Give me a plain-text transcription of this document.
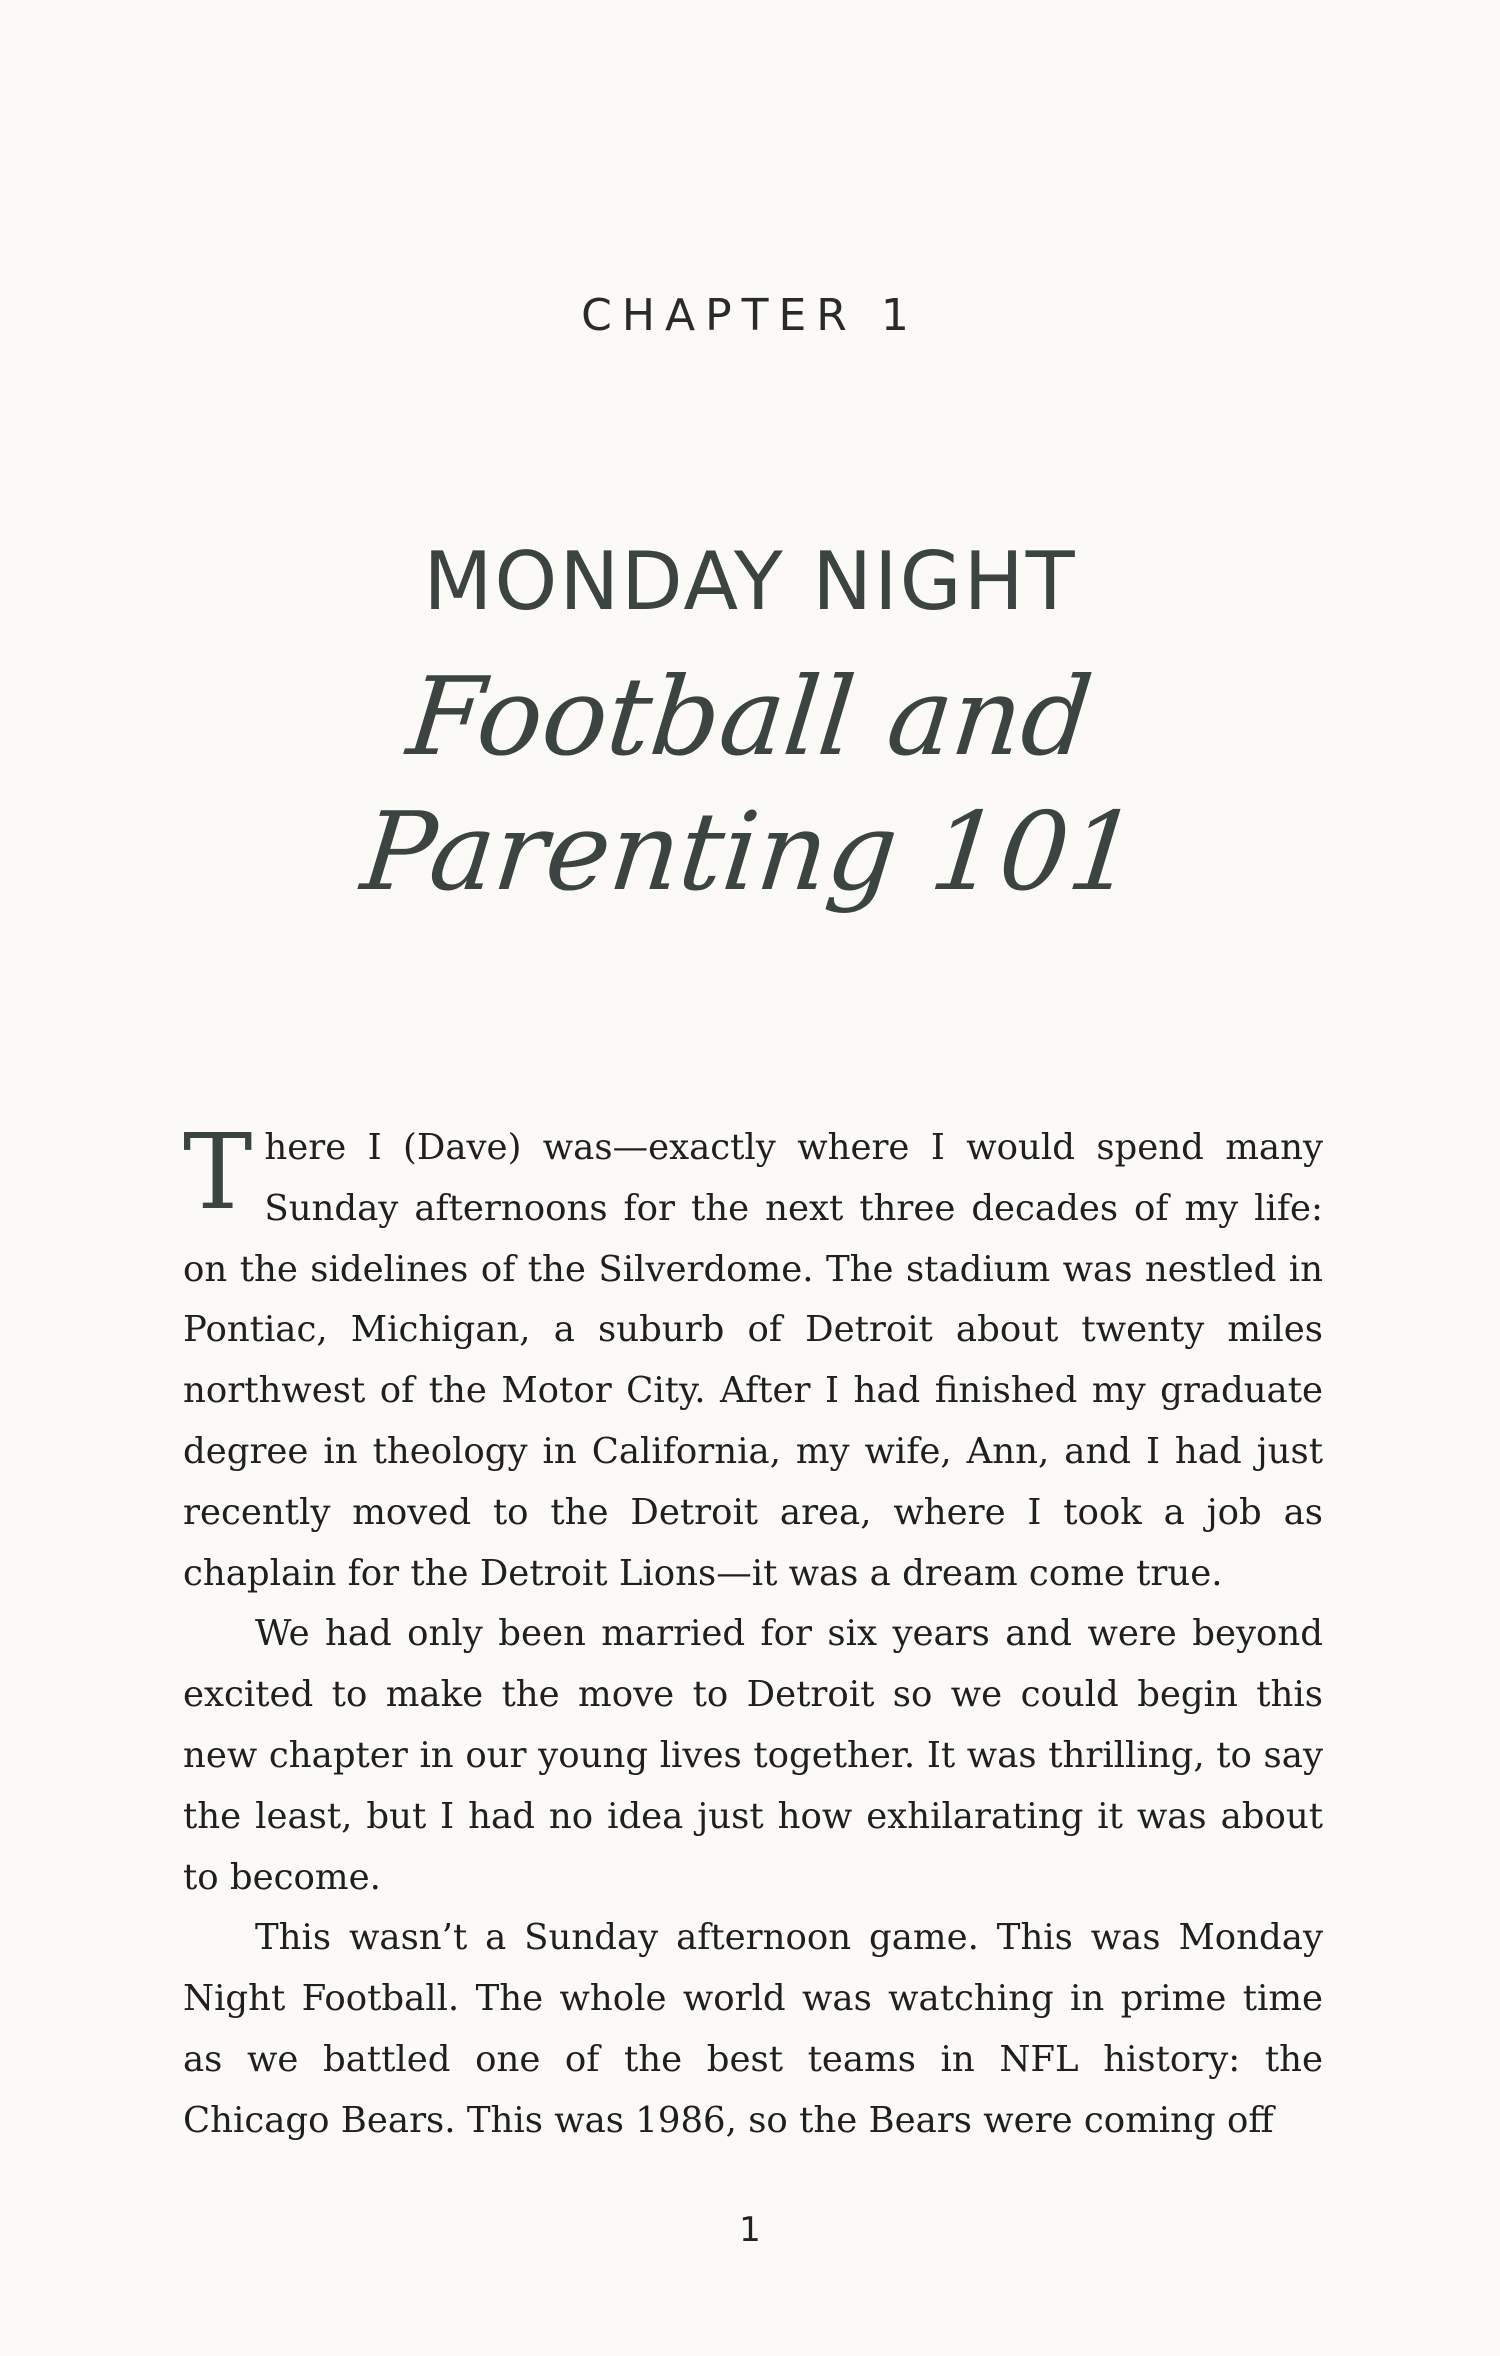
CHAPTER 1
MONDAY NIGHT
Football and
Parenting 101

There I (Dave) was—exactly where I would spend many Sunday afternoons for the next three decades of my life: on the sidelines of the Silverdome. The stadium was nestled in Pontiac, Michigan, a suburb of Detroit about twenty miles northwest of the Motor City. After I had finished my graduate degree in theology in California, my wife, Ann, and I had just recently moved to the Detroit area, where I took a job as chaplain for the Detroit Lions—it was a dream come true.

We had only been married for six years and were beyond excited to make the move to Detroit so we could begin this new chapter in our young lives together. It was thrilling, to say the least, but I had no idea just how exhilarating it was about to become.

This wasn’t a Sunday afternoon game. This was Monday Night Football. The whole world was watching in prime time as we battled one of the best teams in NFL history: the Chicago Bears. This was 1986, so the Bears were coming off

1
